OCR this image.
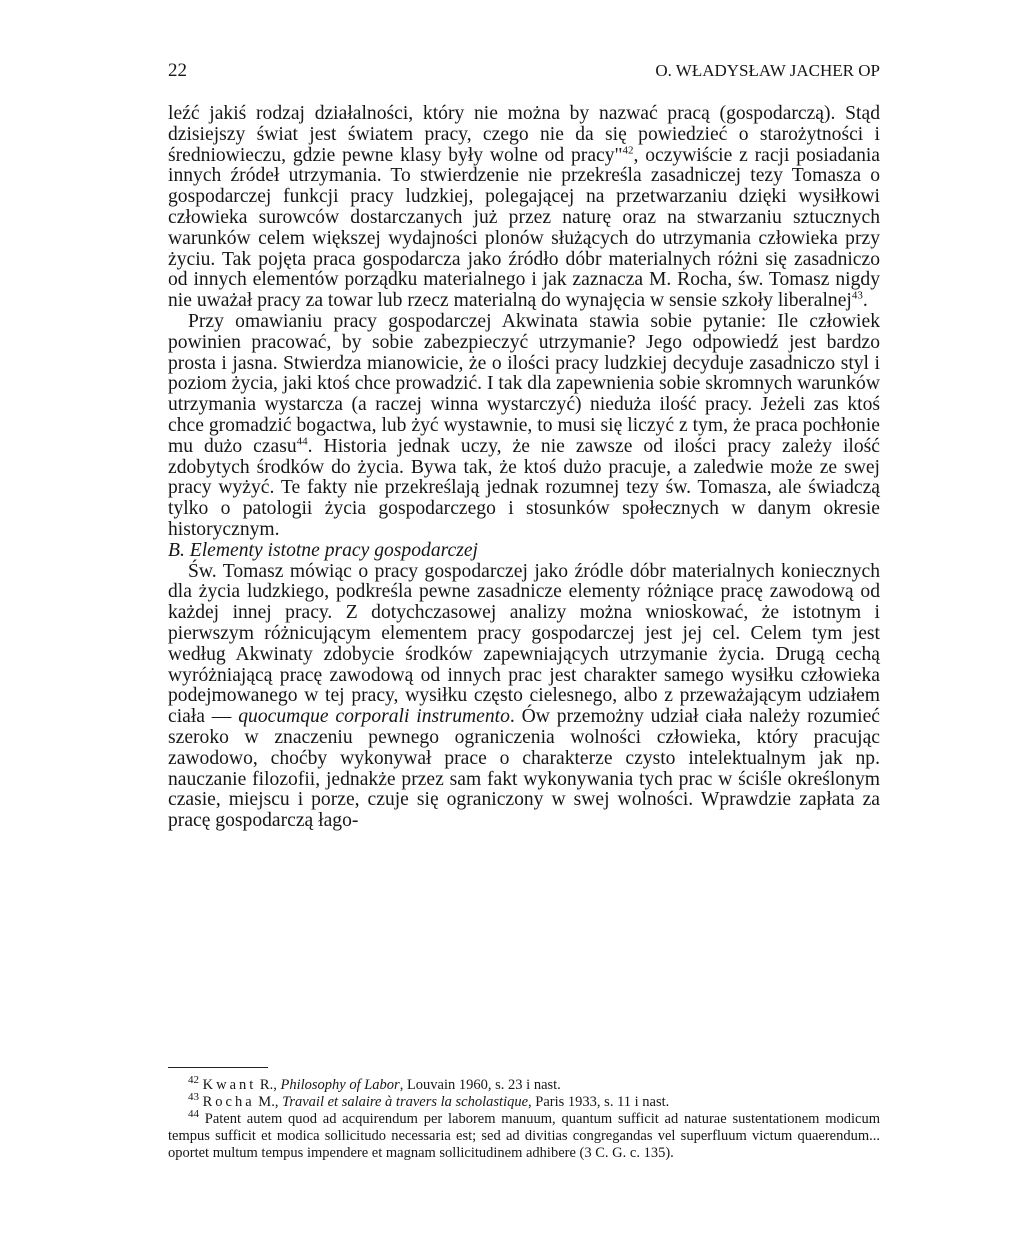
22	O. WŁADYSŁAW JACHER OP

leźć jakiś rodzaj działalności, który nie można by nazwać pracą (gospodarczą). Stąd dzisiejszy świat jest światem pracy, czego nie da się powiedzieć o starożytności i średniowieczu, gdzie pewne klasy były wolne od pracy"$^{42}$, oczywiście z racji posiadania innych źródeł utrzymania. To stwierdzenie nie przekreśla zasadniczej tezy Tomasza o gospodarczej funkcji pracy ludzkiej, polegającej na przetwarzaniu dzięki wysiłkowi człowieka surowców dostarczanych już przez naturę oraz na stwarzaniu sztucznych warunków celem większej wydajności plonów służących do utrzymania człowieka przy życiu. Tak pojęta praca gospodarcza jako źródło dóbr materialnych różni się zasadniczo od innych elementów porządku materialnego i jak zaznacza M. Rocha, św. Tomasz nigdy nie uważał pracy za towar lub rzecz materialną do wynajęcia w sensie szkoły liberalnej$^{43}$.

Przy omawianiu pracy gospodarczej Akwinata stawia sobie pytanie: Ile człowiek powinien pracować, by sobie zabezpieczyć utrzymanie? Jego odpowiedź jest bardzo prosta i jasna. Stwierdza mianowicie, że o ilości pracy ludzkiej decyduje zasadniczo styl i poziom życia, jaki ktoś chce prowadzić. I tak dla zapewnienia sobie skromnych warunków utrzymania wystarcza (a raczej winna wystarczyć) nieduża ilość pracy. Jeżeli zas ktoś chce gromadzić bogactwa, lub żyć wystawnie, to musi się liczyć z tym, że praca pochłonie mu dużo czasu$^{44}$. Historia jednak uczy, że nie zawsze od ilości pracy zależy ilość zdobytych środków do życia. Bywa tak, że ktoś dużo pracuje, a zaledwie może ze swej pracy wyżyć. Te fakty nie przekreślają jednak rozumnej tezy św. Tomasza, ale świadczą tylko o patologii życia gospodarczego i stosunków społecznych w danym okresie historycznym.

B. Elementy istotne pracy gospodarczej

Św. Tomasz mówiąc o pracy gospodarczej jako źródle dóbr materialnych koniecznych dla życia ludzkiego, podkreśla pewne zasadnicze elementy różniące pracę zawodową od każdej innej pracy. Z dotychczasowej analizy można wnioskować, że istotnym i pierwszym różnicującym elementem pracy gospodarczej jest jej cel. Celem tym jest według Akwinaty zdobycie środków zapewniających utrzymanie życia. Drugą cechą wyróżniającą pracę zawodową od innych prac jest charakter samego wysiłku człowieka podejmowanego w tej pracy, wysiłku często cielesnego, albo z przeważającym udziałem ciała — quocumque corporali instrumento. Ów przemożny udział ciała należy rozumieć szeroko w znaczeniu pewnego ograniczenia wolności człowieka, który pracując zawodowo, choćby wykonywał prace o charakterze czysto intelektualnym jak np. nauczanie filozofii, jednakże przez sam fakt wykonywania tych prac w ściśle określonym czasie, miejscu i porze, czuje się ograniczony w swej wolności. Wprawdzie zapłata za pracę gospodarczą łago-

$^{42}$ Kwant R., Philosophy of Labor, Louvain 1960, s. 23 i nast.

$^{43}$ Rocha M., Travail et salaire à travers la scholastique, Paris 1933, s. 11 i nast.

$^{44}$ Patent autem quod ad acquirendum per laborem manuum, quantum sufficit ad naturae sustentationem modicum tempus sufficit et modica sollicitudo necessaria est; sed ad divitias congregandas vel superfluum victum quaerendum... oportet multum tempus impendere et magnam sollicitudinem adhibere (3 C. G. c. 135).
